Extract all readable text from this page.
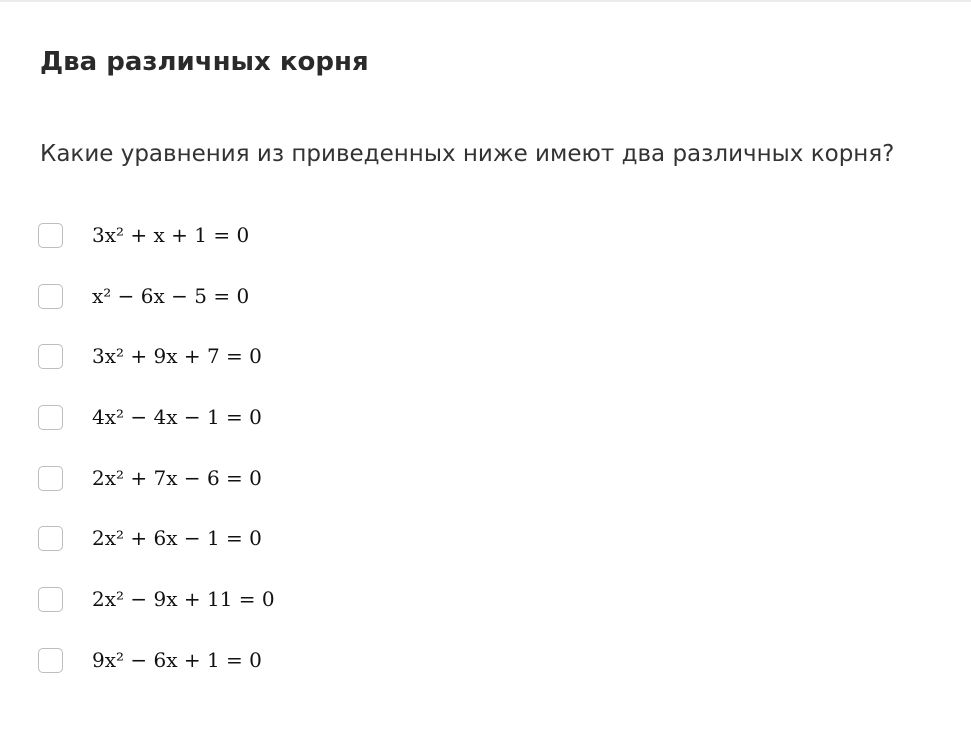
Два различных корня

Какие уравнения из приведенных ниже имеют два различных корня?

3x² + x + 1 = 0
x² − 6x − 5 = 0
3x² + 9x + 7 = 0
4x² − 4x − 1 = 0
2x² + 7x − 6 = 0
2x² + 6x − 1 = 0
2x² − 9x + 11 = 0
9x² − 6x + 1 = 0
